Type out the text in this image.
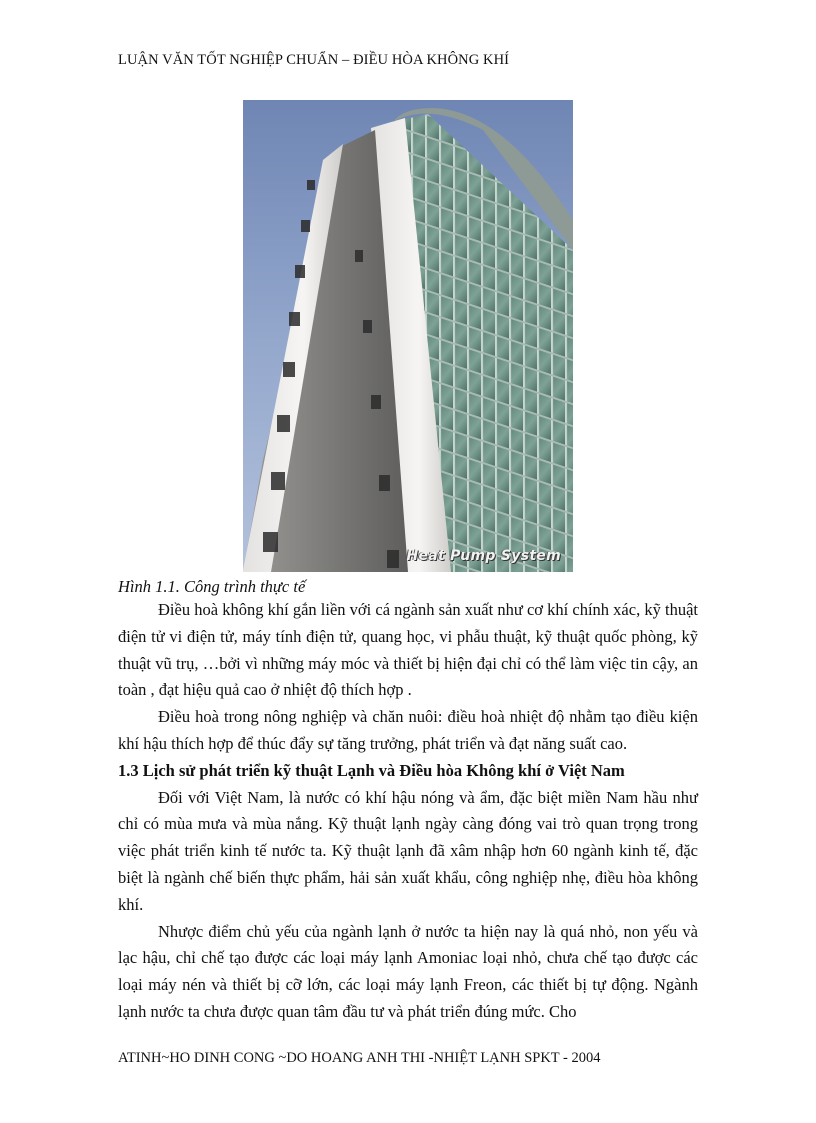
LUẬN VĂN TỐT NGHIỆP CHUẨN – ĐIỀU HÒA KHÔNG KHÍ
Heat Pump System
Hình 1.1. Công trình thực tế

Điều hoà không khí gắn liền với cá ngành sản xuất như cơ khí chính xác, kỹ thuật điện tử vi điện tử, máy tính điện tử, quang học, vi phẫu thuật, kỹ thuật quốc phòng, kỹ thuật vũ trụ, …bởi vì những máy móc và thiết bị hiện đại chỉ có thể làm việc tin cậy, an toàn , đạt hiệu quả cao ở nhiệt độ thích hợp .

Điều hoà trong nông nghiệp và chăn nuôi: điều hoà nhiệt độ nhằm tạo điều kiện khí hậu thích hợp để thúc đẩy sự tăng trưởng, phát triển và đạt năng suất cao.

1.3 Lịch sử phát triển kỹ thuật Lạnh và Điều hòa Không khí ở Việt Nam

Đối với Việt Nam, là nước có khí hậu nóng và ẩm, đặc biệt miền Nam hầu như chỉ có mùa mưa và mùa nắng. Kỹ thuật lạnh ngày càng đóng vai trò quan trọng trong việc phát triển kinh tế nước ta. Kỹ thuật lạnh đã xâm nhập hơn 60 ngành kinh tế, đặc biệt là ngành chế biến thực phẩm, hải sản xuất khẩu, công nghiệp nhẹ, điều hòa không khí.

Nhược điểm chủ yếu của ngành lạnh ở nước ta hiện nay là quá nhỏ, non yếu và lạc hậu, chỉ chế tạo được các loại máy lạnh Amoniac loại nhỏ, chưa chế tạo được các loại máy nén và thiết bị cỡ lớn, các loại máy lạnh Freon, các thiết bị tự động. Ngành lạnh nước ta chưa được quan tâm đầu tư và phát triển đúng mức. Cho

ATINH~HO DINH CONG ~DO HOANG ANH THI -NHIỆT LẠNH SPKT - 2004
